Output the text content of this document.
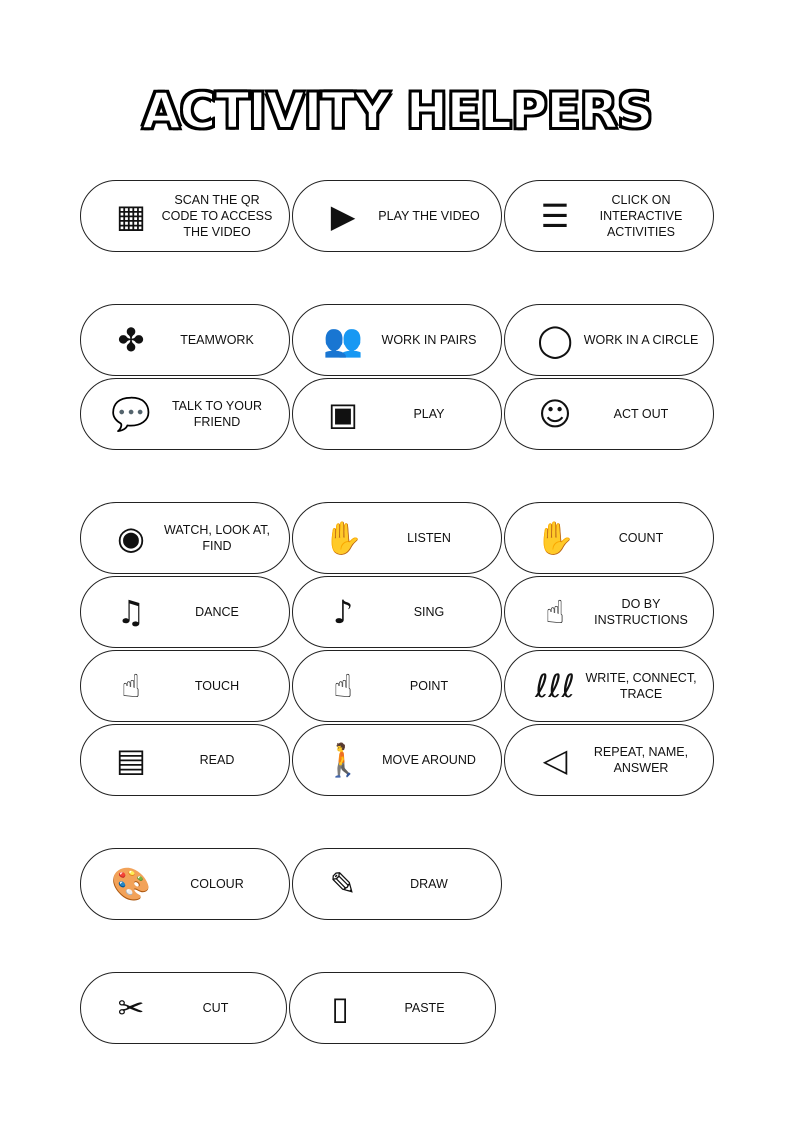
ACTIVITY HELPERS
▦	SCAN THE QR CODE TO ACCESS THE VIDEO	▶	PLAY THE VIDEO	☰	CLICK ON INTERACTIVE ACTIVITIES
✤	TEAMWORK	👥	WORK IN PAIRS	◯ WORK IN A CIRCLE
💬	TALK TO YOUR FRIEND	▣	PLAY	☺	ACT OUT
◉	WATCH, LOOK AT, FIND	✋	LISTEN	✋	COUNT
♫	DANCE	♪	SING	☝	DO BY INSTRUCTIONS
☝	TOUCH	☝	POINT	ℓℓℓ WRITE, CONNECT, TRACE
▤	READ	🚶	MOVE AROUND	◁	REPEAT, NAME, ANSWER
🎨	COLOUR	✎	DRAW
✂	CUT	▯	PASTE
